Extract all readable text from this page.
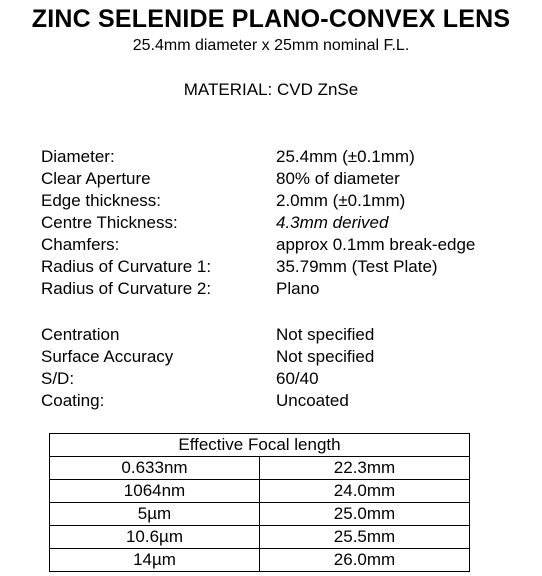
ZINC SELENIDE PLANO-CONVEX LENS
25.4mm diameter x 25mm nominal F.L.
MATERIAL: CVD ZnSe
Diameter:	25.4mm (±0.1mm)
Clear Aperture	80% of diameter
Edge thickness:	2.0mm (±0.1mm)
Centre Thickness:	4.3mm derived
Chamfers:	approx 0.1mm break-edge
Radius of Curvature 1:	35.79mm (Test Plate)
Radius of Curvature 2:	Plano
Centration	Not specified
Surface Accuracy	Not specified
S/D:	60/40
Coating:	Uncoated
Effective Focal length	
0.633nm	22.3mm
1064nm	24.0mm
5µm	25.0mm
10.6µm	25.5mm
14µm	26.0mm
